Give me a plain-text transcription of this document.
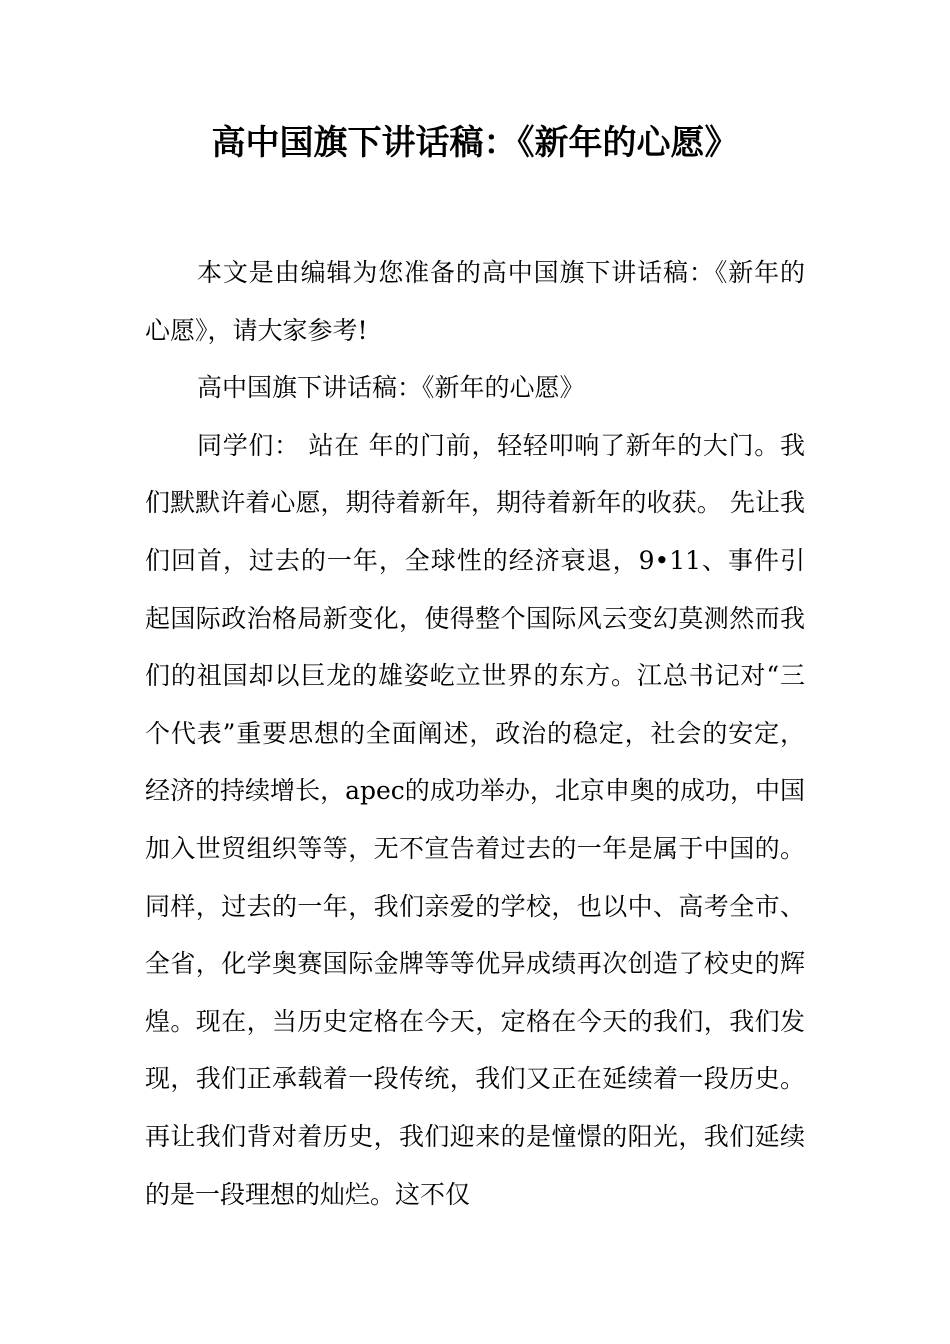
高中国旗下讲话稿：《新年的心愿》

本文是由编辑为您准备的高中国旗下讲话稿：《新年的心愿》，请大家参考!

高中国旗下讲话稿：《新年的心愿》

同学们： 站在 年的门前，轻轻叩响了新年的大门。我们默默许着心愿，期待着新年，期待着新年的收获。 先让我们回首，过去的一年，全球性的经济衰退，9•11、事件引起国际政治格局新变化，使得整个国际风云变幻莫测然而我们的祖国却以巨龙的雄姿屹立世界的东方。江总书记对“三个代表”重要思想的全面阐述，政治的稳定，社会的安定，经济的持续增长，apec的成功举办，北京申奥的成功，中国加入世贸组织等等，无不宣告着过去的一年是属于中国的。同样，过去的一年，我们亲爱的学校，也以中、高考全市、全省，化学奥赛国际金牌等等优异成绩再次创造了校史的辉煌。现在，当历史定格在今天，定格在今天的我们，我们发现，我们正承载着一段传统，我们又正在延续着一段历史。 再让我们背对着历史，我们迎来的是憧憬的阳光，我们延续的是一段理想的灿烂。这不仅
